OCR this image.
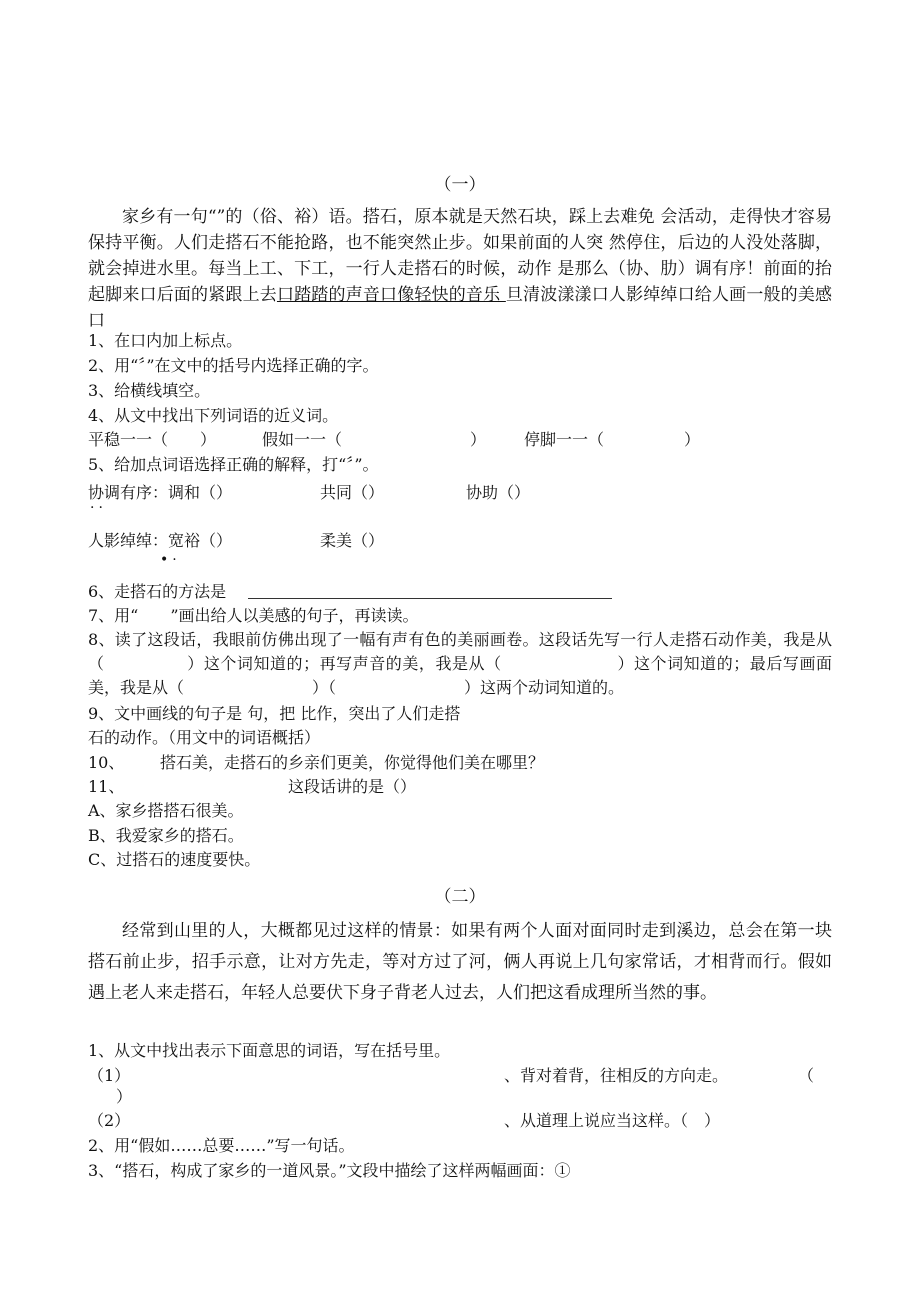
（一）
家乡有一句“”的（俗、裕）语。搭石，原本就是天然石块，踩上去难免 会活动，走得快才容易保持平衡。人们走搭石不能抢路，也不能突然止步。如果前面的人突 然停住，后边的人没处落脚，就会掉进水里。每当上工、下工，一行人走搭石的时候，动作 是那么（协、肋）调有序！前面的抬起脚来口后面的紧跟上去口踏踏的声音口像轻快的音乐 旦清波漾漾口人影绰绰口给人画一般的美感口
1、在口内加上标点。
2、用“〞”在文中的括号内选择正确的字。
3、给横线填空。
4、从文中找出下列词语的近义词。
平稳一一（　　）	假如一一（　　　　　　　　） 停脚一一（　　　　　）
5、给加点词语选择正确的解释，打“〞”。
协调有序：调和（）	共同（）	协助（）
··
人影绰绰：宽裕（）	柔美（）
•·
6、走搭石的方法是
7、用“　　”画出给人以美感的句子，再读读。
8、读了这段话，我眼前仿佛出现了一幅有声有色的美丽画卷。这段话先写一行人走搭石动作美，我是从（　　　　　）这个词知道的；再写声音的美，我是从（　　　　　　　）这个词知道的；最后写画面美，我是从（　　　　　　　　）（　　　　　　　　）这两个动词知道的。
9、文中画线的句子是 句，把 比作，突出了人们走搭
石的动作。（用文中的词语概括）
10、 搭石美，走搭石的乡亲们更美，你觉得他们美在哪里？
11、	这段话讲的是（）
A、家乡搭搭石很美。
B、我爱家乡的搭石。
C、过搭石的速度要快。
（二）
经常到山里的人，大概都见过这样的情景：如果有两个人面对面同时走到溪边，总会在第一块搭石前止步，招手示意，让对方先走，等对方过了河，俩人再说上几句家常话，才相背而行。假如遇上老人来走搭石，年轻人总要伏下身子背老人过去，人们把这看成理所当然的事。
1、从文中找出表示下面意思的词语，写在括号里。
（1）	、背对着背，往相反的方向走。	（
）
（2）	、从道理上说应当这样。（　）
2、用“假如……总要……”写一句话。
3、“搭石，构成了家乡的一道风景。”文段中描绘了这样两幅画面：①
